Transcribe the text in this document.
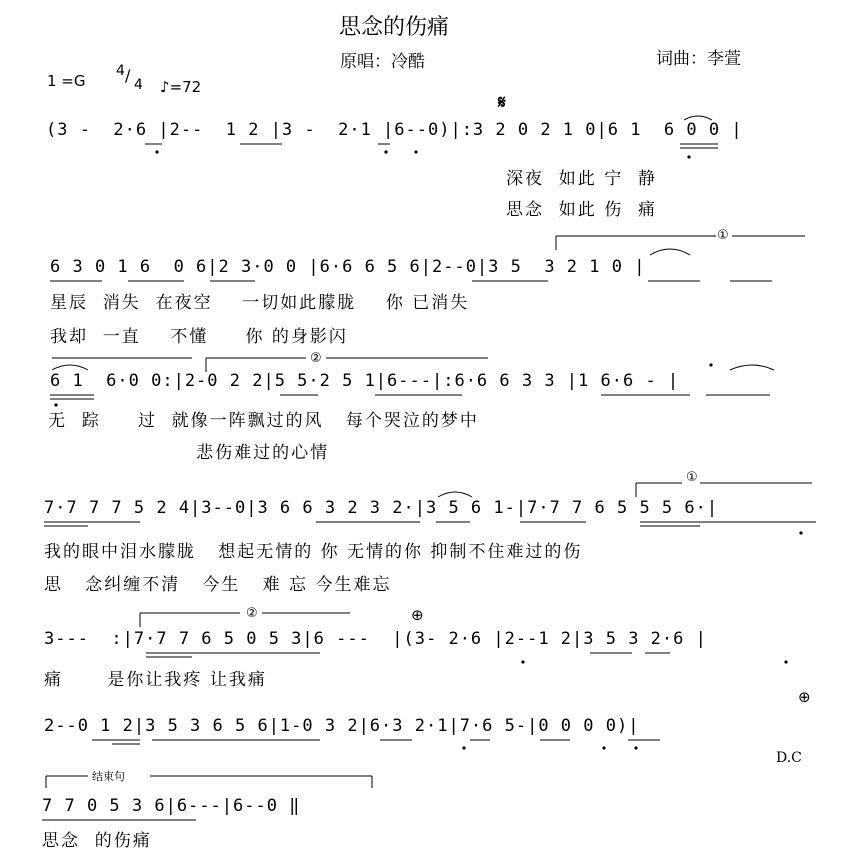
思念的伤痛
原唱：冷酷	词曲：李萱
1 =G
4 / 4 ♪=72
𝄋
(3 -  2·6 |2--  1 2 |3 -  2·1 |6--0)|:3 2 0 2 1 0|6 1  6 0 0 |
深夜  如此 宁  静
思念  如此 伤  痛
①
6 3 0 1 6  0 6|2 3·0 0 |6·6 6 5 6|2--0|3 5  3 2 1 0 |
星辰  消失  在夜空    一切如此朦胧    你 已消失
我却  一直    不懂     你 的身影闪
②
6 1  6·0 0:|2-0 2 2|5 5·2 5 1|6---|:6·6 6 3 3 |1 6·6 - |
无  踪     过  就像一阵飘过的风   每个哭泣的梦中
悲伤难过的心情
①
7·7 7 7 5 2 4|3--0|3 6 6 3 2 3 2·|3 5 6 1-|7·7 7 6 5 5 5 6·|
我的眼中泪水朦胧   想起无情的 你 无情的你 抑制不住难过的伤
思   念纠缠不清   今生   难 忘 今生难忘
②	⊕
3---  :|7·7 7 6 5 0 5 3|6 ---  |(3- 2·6 |2--1 2|3 5 3 2·6 |
痛      是你让我疼 让我痛
⊕
2--0 1 2|3 5 3 6 5 6|1-0 3 2|6·3 2·1|7·6 5-|0 0 0 0)|
D.C
结束句
7 7 0 5 3 6|6---|6--0 ‖
思念  的伤痛
